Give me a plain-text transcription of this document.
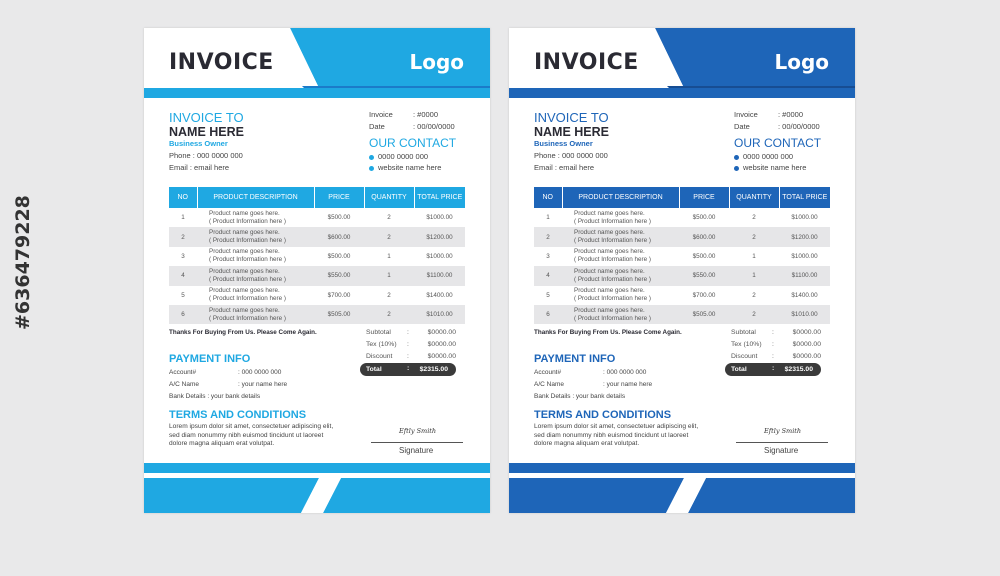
#636479228
INVOICE	Logo
INVOICE TO
NAME HERE
Business Owner
Phone : 000 0000 000
Email : email here
Invoice	: #0000
Date	: 00/00/0000
OUR CONTACT
0000 0000 000
website name here
NO	PRODUCT DESCRIPTION	PRICE	QUANTITY	TOTAL PRICE
1	Product name goes here.
( Product Information here )	$500.00	2	$1000.00
2	Product name goes here.
( Product Information here )	$600.00	2	$1200.00
3	Product name goes here.
( Product Information here )	$500.00	1	$1000.00
4	Product name goes here.
( Product Information here )	$550.00	1	$1100.00
5	Product name goes here.
( Product Information here )	$700.00	2	$1400.00
6	Product name goes here.
( Product Information here )	$505.00	2	$1010.00
Thanks For Buying From Us. Please Come Again.	Subtotal :	$0000.00
Tex (10%) :	$0000.00
Discount :	$0000.00
Total	: $2315.00
PAYMENT INFO
Account#	: 000 0000 000
A/C Name	: your name here
Bank Details : your bank details
TERMS AND CONDITIONS
Lorem ipsum dolor sit amet, consectetuer adipiscing elit, sed diam nonummy nibh euismod tincidunt ut laoreet dolore magna aliquam erat volutpat.
Eftly Smith
Signature
INVOICE	Logo
INVOICE TO
NAME HERE
Business Owner
Phone : 000 0000 000
Email : email here
Invoice	: #0000
Date	: 00/00/0000
OUR CONTACT
0000 0000 000
website name here
NO	PRODUCT DESCRIPTION	PRICE	QUANTITY	TOTAL PRICE
1	Product name goes here.
( Product Information here )	$500.00	2	$1000.00
2	Product name goes here.
( Product Information here )	$600.00	2	$1200.00
3	Product name goes here.
( Product Information here )	$500.00	1	$1000.00
4	Product name goes here.
( Product Information here )	$550.00	1	$1100.00
5	Product name goes here.
( Product Information here )	$700.00	2	$1400.00
6	Product name goes here.
( Product Information here )	$505.00	2	$1010.00
Thanks For Buying From Us. Please Come Again.	Subtotal :	$0000.00
Tex (10%) :	$0000.00
Discount :	$0000.00
Total	: $2315.00
PAYMENT INFO
Account#	: 000 0000 000
A/C Name	: your name here
Bank Details : your bank details
TERMS AND CONDITIONS
Lorem ipsum dolor sit amet, consectetuer adipiscing elit, sed diam nonummy nibh euismod tincidunt ut laoreet dolore magna aliquam erat volutpat.
Eftly Smith
Signature
